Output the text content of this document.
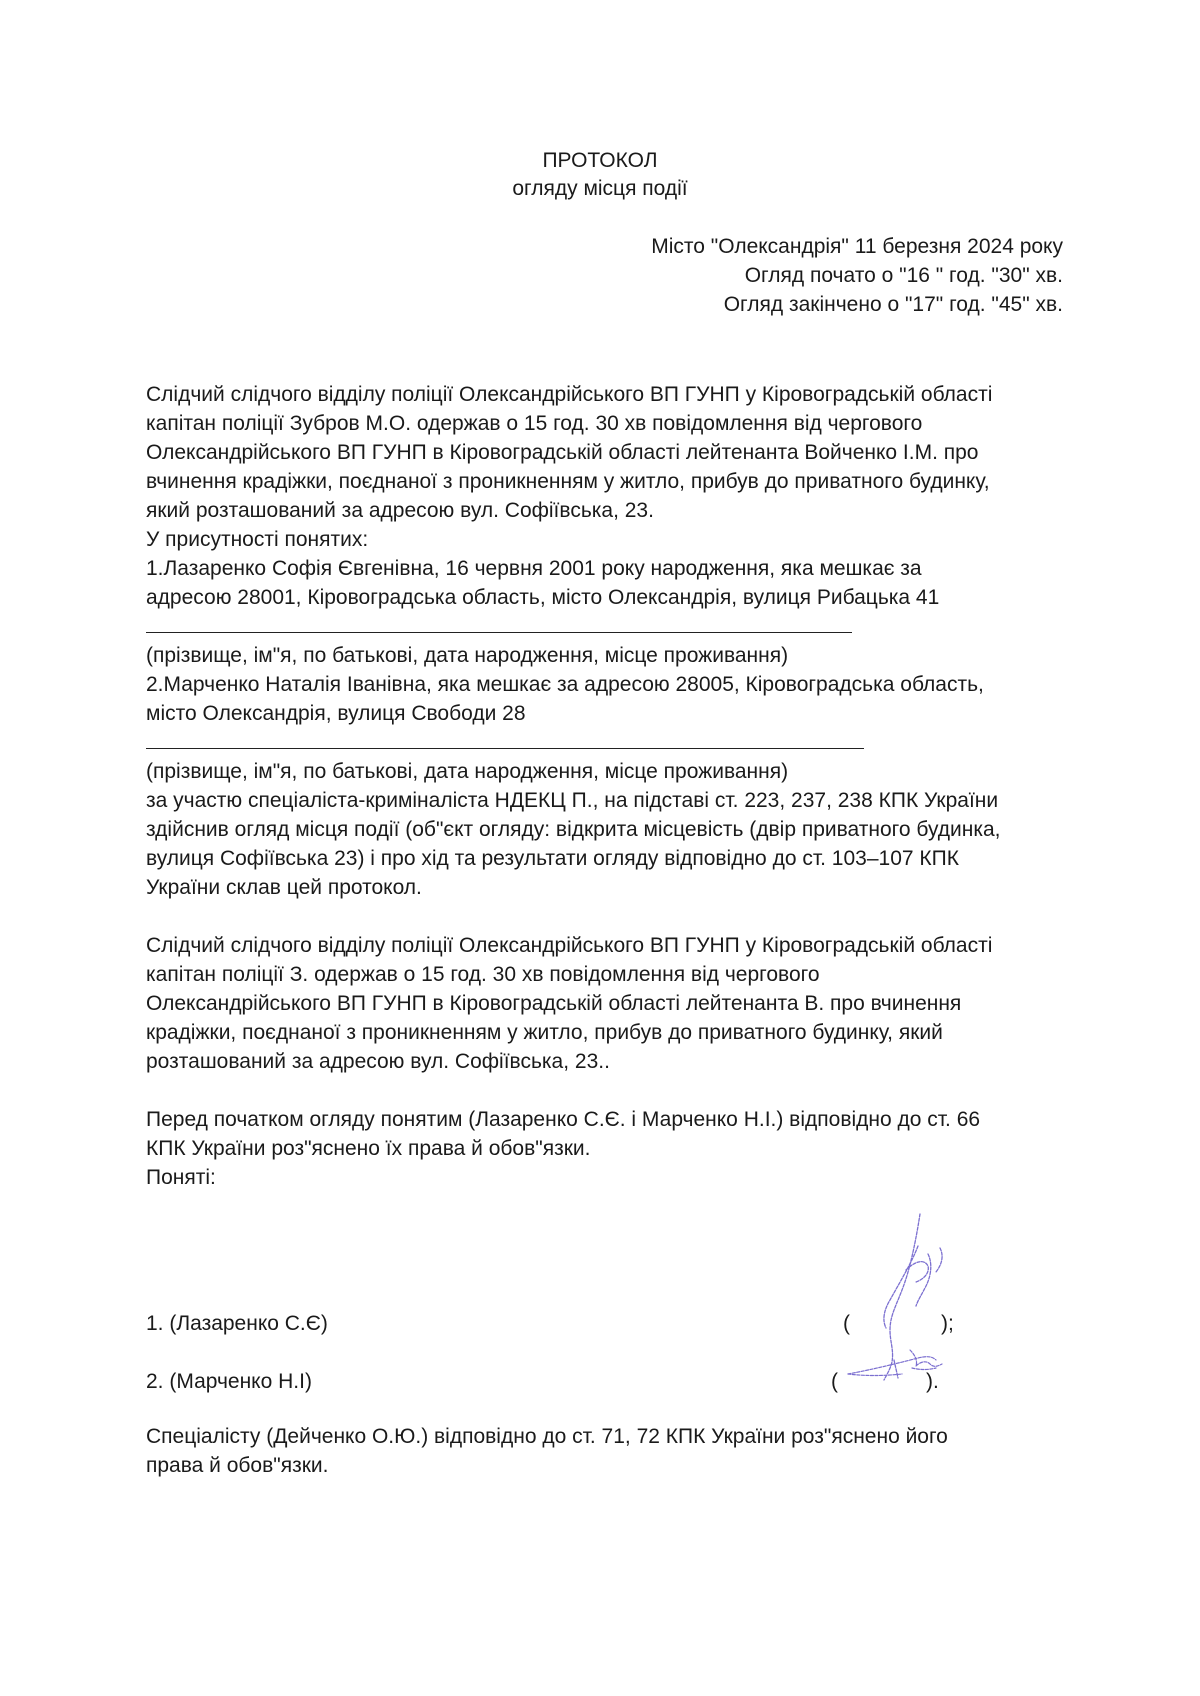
ПРОТОКОЛ
огляду місця події
Місто "Олександрія" 11 березня 2024 року
Огляд почато о "16 " год. "30" хв.
Огляд закінчено о "17" год. "45" хв.

Слідчий слідчого відділу поліції Олександрійського ВП ГУНП у Кіровоградській області
капітан поліції Зубров М.О. одержав о 15 год. 30 хв повідомлення від чергового
Олександрійського ВП ГУНП в Кіровоградській області лейтенанта Войченко І.М. про
вчинення крадіжки, поєднаної з проникненням у житло, прибув до приватного будинку,
який розташований за адресою вул. Софіївська, 23.
У присутності понятих:
1.Лазаренко Софія Євгенівна, 16 червня 2001 року народження, яка мешкає за
адресою 28001, Кіровоградська область, місто Олександрія, вулиця Рибацька 41

(прізвище, ім"я, по батькові, дата народження, місце проживання)

2.Марченко Наталія Іванівна, яка мешкає за адресою 28005, Кіровоградська область,
місто Олександрія, вулиця Свободи 28

(прізвище, ім"я, по батькові, дата народження, місце проживання)

за участю спеціаліста-криміналіста НДЕКЦ П., на підставі ст. 223, 237, 238 КПК України
здійснив огляд місця події (об"єкт огляду: відкрита місцевість (двір приватного будинка,
вулиця Софіївська 23) і про хід та результати огляду відповідно до ст. 103–107 КПК
України склав цей протокол.

Слідчий слідчого відділу поліції Олександрійського ВП ГУНП у Кіровоградській області
капітан поліції З. одержав о 15 год. 30 хв повідомлення від чергового
Олександрійського ВП ГУНП в Кіровоградській області лейтенанта В. про вчинення
крадіжки, поєднаної з проникненням у житло, прибув до приватного будинку, який
розташований за адресою вул. Софіївська, 23..

Перед початком огляду понятим (Лазаренко С.Є. і Марченко Н.І.) відповідно до ст. 66
КПК України роз"яснено їх права й обов"язки.
Поняті:

1. (Лазаренко С.Є)	(	);
2. (Марченко Н.І)	(	).
Спеціалісту (Дейченко О.Ю.) відповідно до ст. 71, 72 КПК України роз"яснено його
права й обов"язки.
